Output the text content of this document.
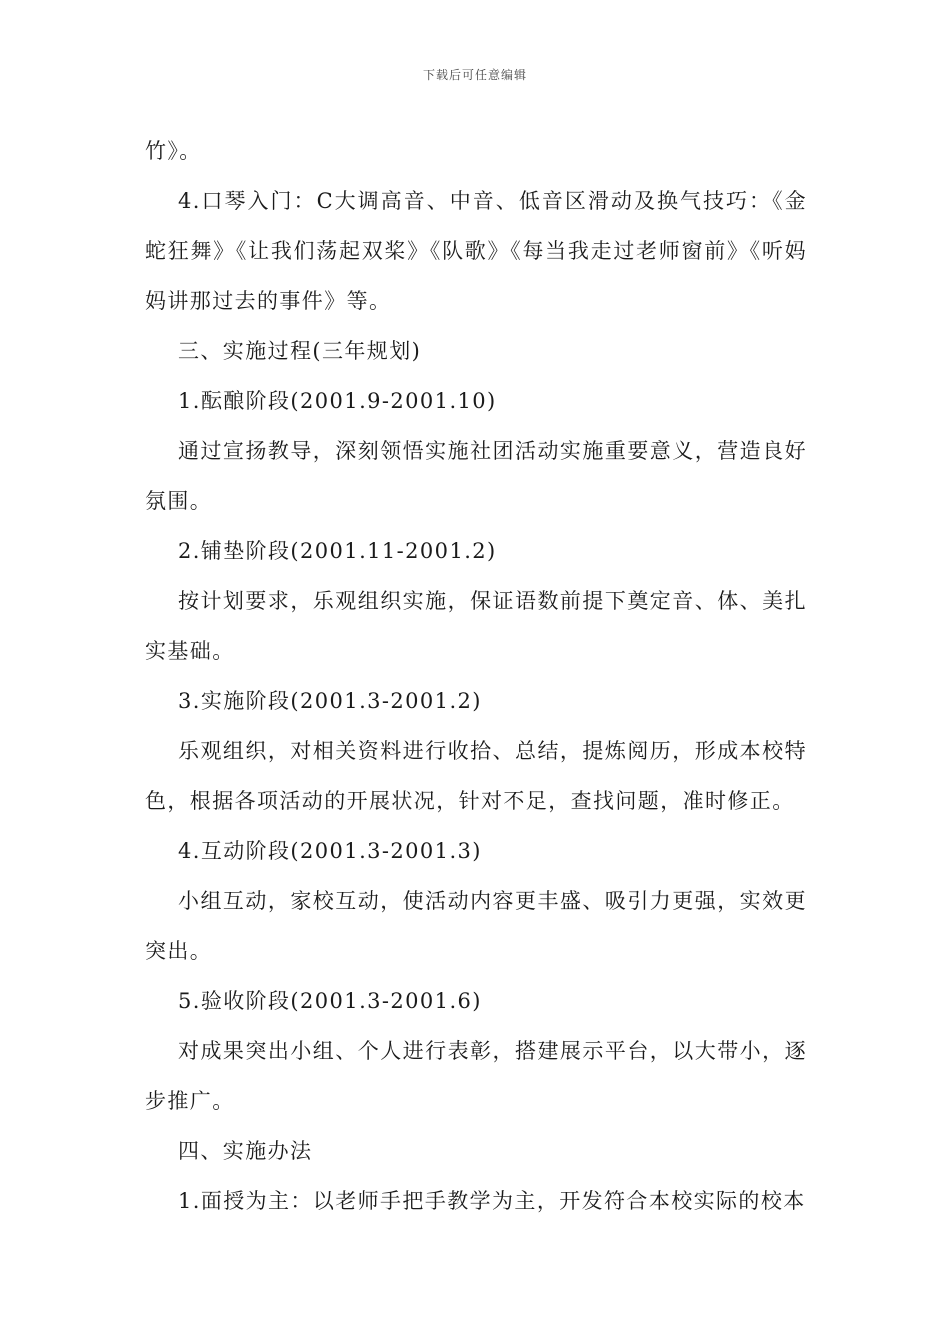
下载后可任意编辑

竹》。

4.口琴入门：C大调高音、中音、低音区滑动及换气技巧：《金蛇狂舞》《让我们荡起双桨》《队歌》《每当我走过老师窗前》《听妈妈讲那过去的事件》等。

三、实施过程(三年规划)

1.酝酿阶段(2001.9-2001.10)

通过宣扬教导，深刻领悟实施社团活动实施重要意义，营造良好氛围。

2.铺垫阶段(2001.11-2001.2)

按计划要求，乐观组织实施，保证语数前提下奠定音、体、美扎实基础。

3.实施阶段(2001.3-2001.2)

乐观组织，对相关资料进行收拾、总结，提炼阅历，形成本校特色，根据各项活动的开展状况，针对不足，查找问题，准时修正。

4.互动阶段(2001.3-2001.3)

小组互动，家校互动，使活动内容更丰盛、吸引力更强，实效更突出。

5.验收阶段(2001.3-2001.6)

对成果突出小组、个人进行表彰，搭建展示平台，以大带小，逐步推广。

四、实施办法

1.面授为主：以老师手把手教学为主，开发符合本校实际的校本
